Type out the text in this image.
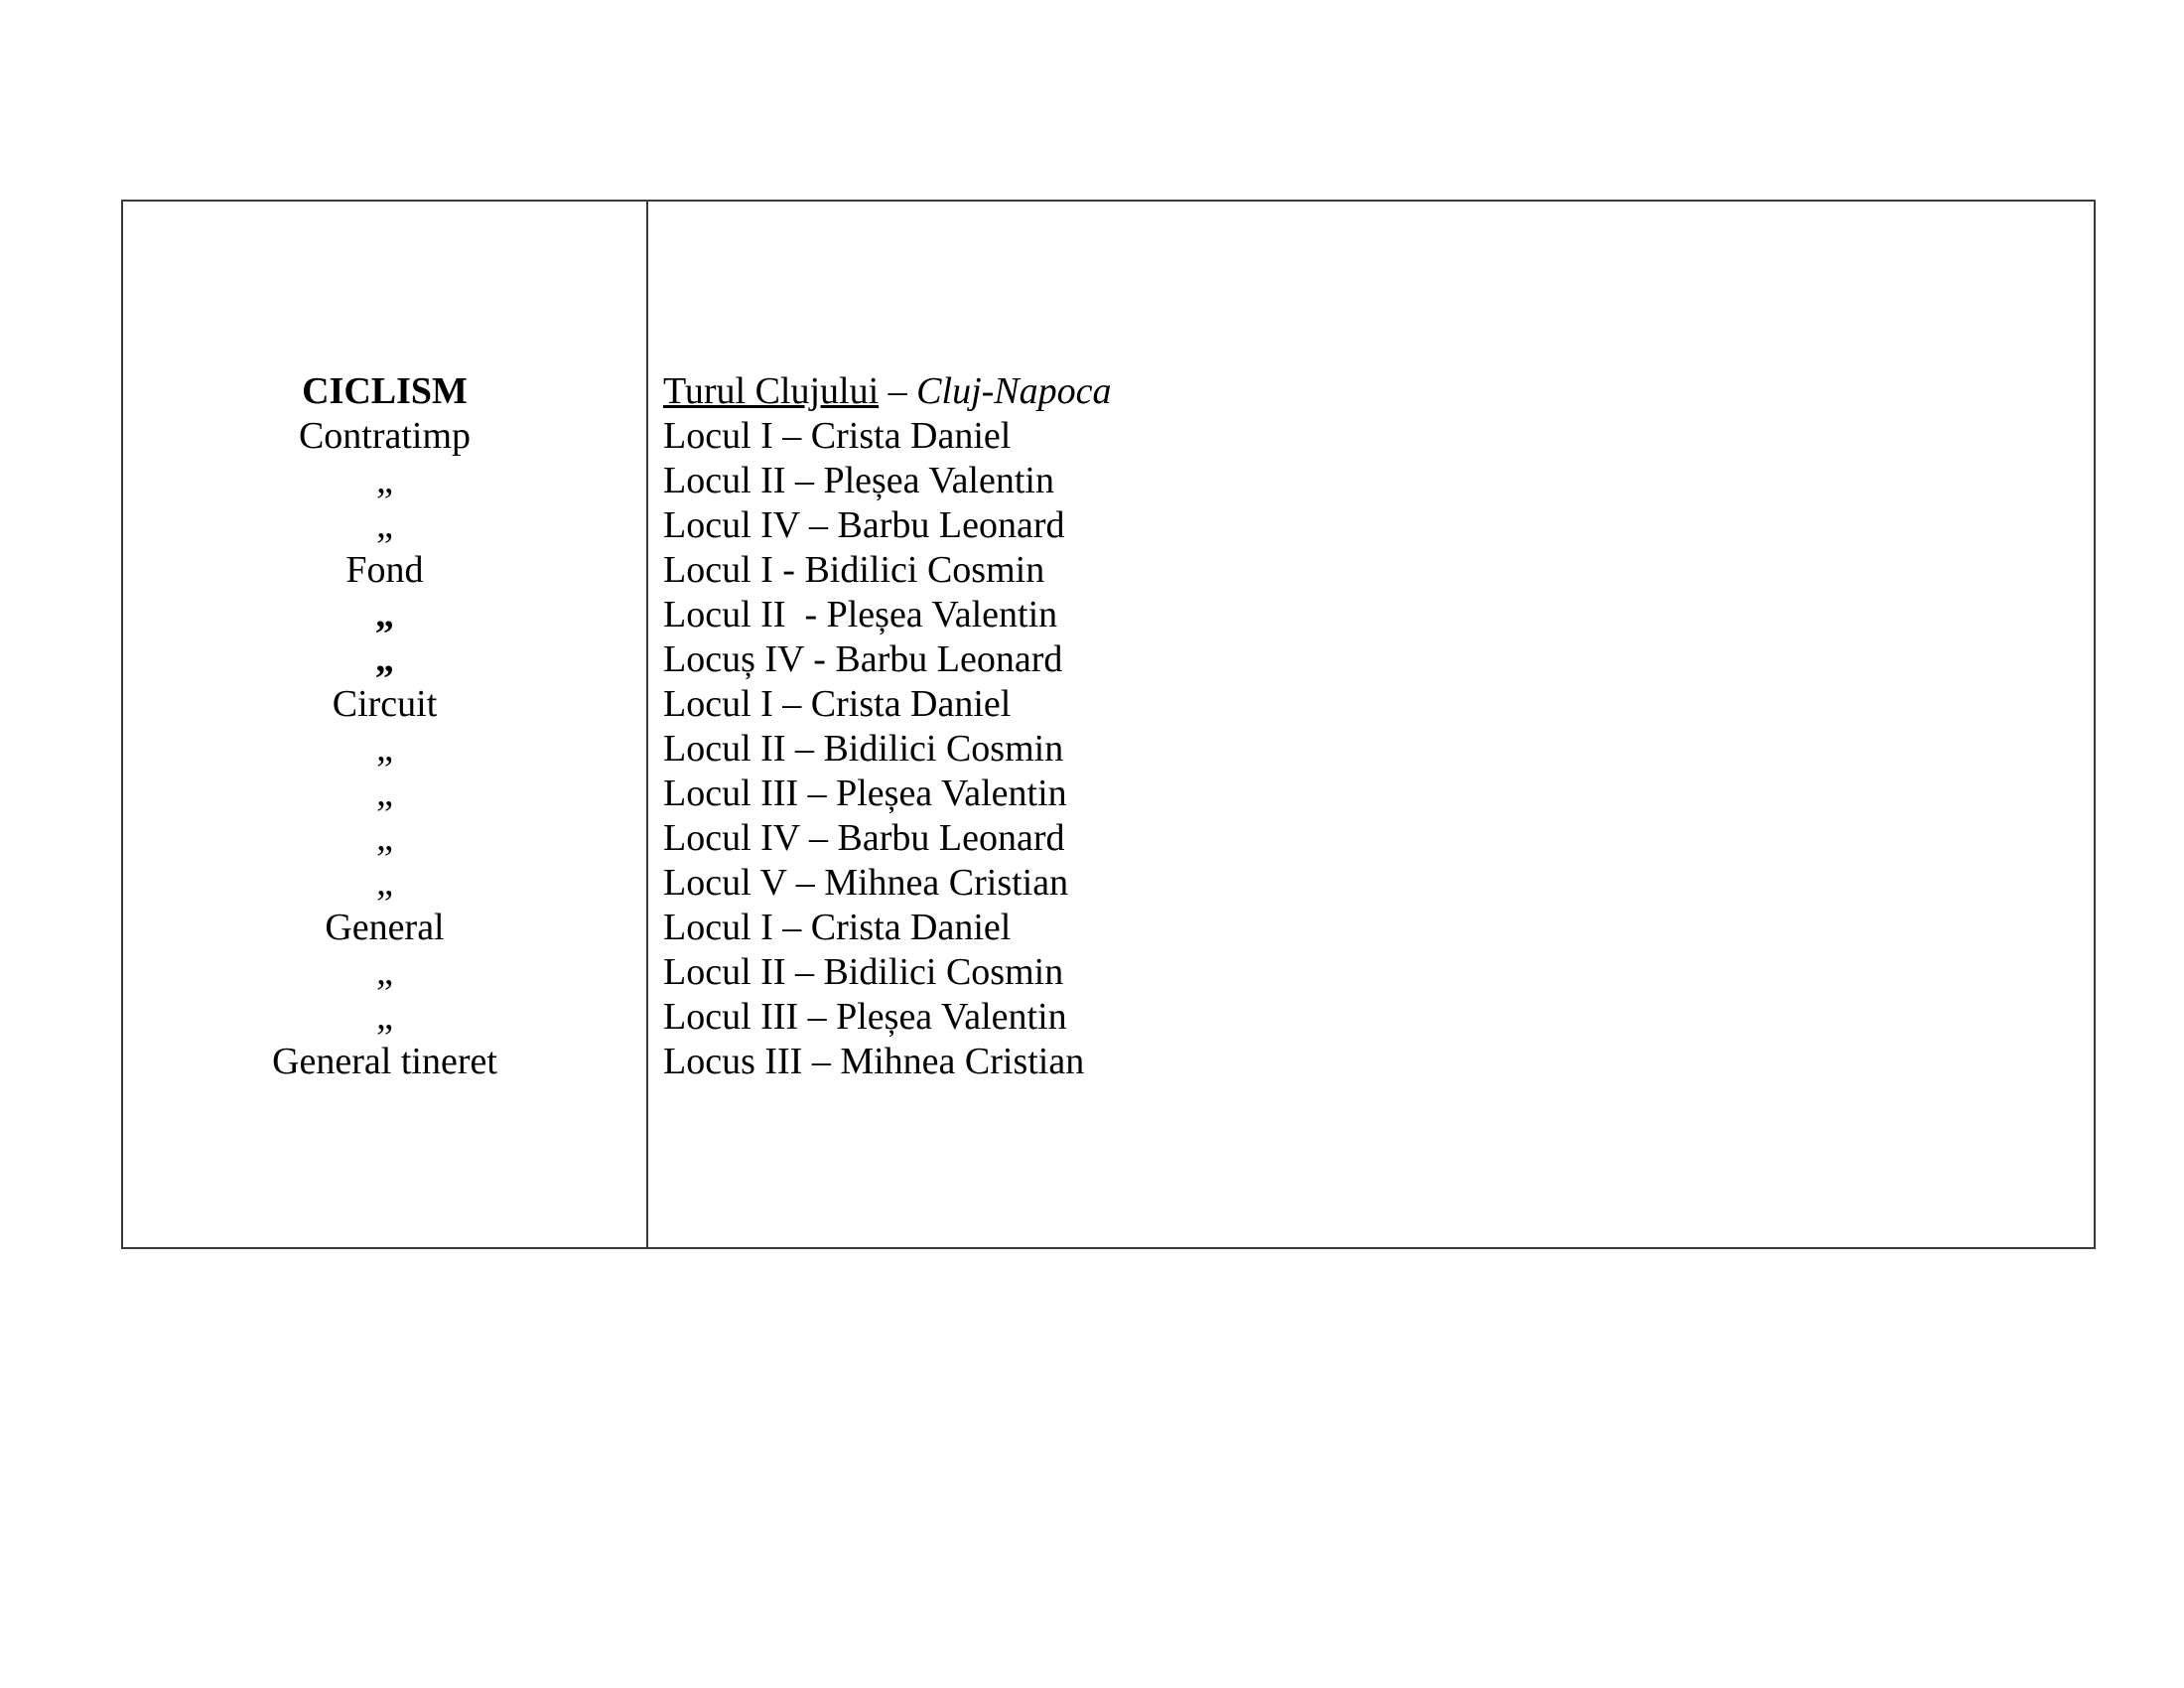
CICLISM
Contratimp
„
„
Fond
„
„
Circuit
„
„
„
„
General
„
„
General tineret
Turul Clujului – Cluj-Napoca
Locul I – Crista Daniel
Locul II – Pleșea Valentin
Locul IV – Barbu Leonard
Locul I - Bidilici Cosmin
Locul II  - Pleșea Valentin
Locuș IV - Barbu Leonard
Locul I – Crista Daniel
Locul II – Bidilici Cosmin
Locul III – Pleșea Valentin
Locul IV – Barbu Leonard
Locul V – Mihnea Cristian
Locul I – Crista Daniel
Locul II – Bidilici Cosmin
Locul III – Pleșea Valentin
Locus III – Mihnea Cristian
